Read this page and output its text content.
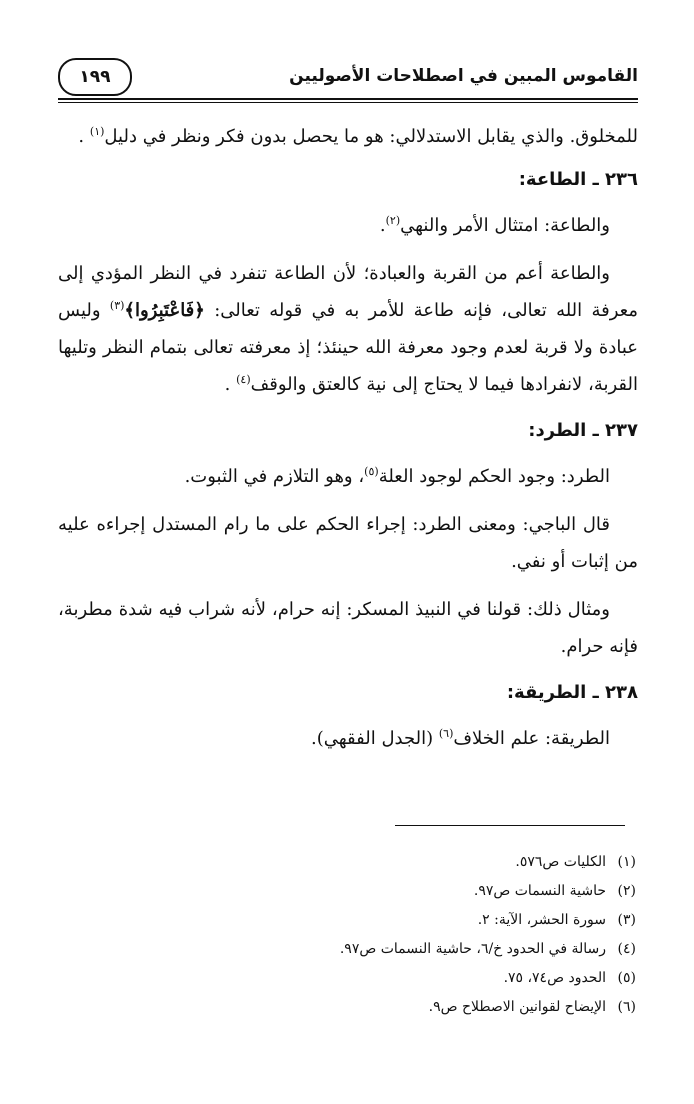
١٩٩	القاموس المبين في اصطلاحات الأصوليين

للمخلوق. والذي يقابل الاستدلالي: هو ما يحصل بدون فكر ونظر في دليل$^{(١)}$ .

٢٣٦ ـ الطاعة:

والطاعة: امتثال الأمر والنهي$^{(٢)}$.

والطاعة أعم من القربة والعبادة؛ لأن الطاعة تنفرد في النظر المؤدي إلى معرفة الله تعالى، فإنه طاعة للأمر به في قوله تعالى: ﴿فَاعْتَبِرُوا﴾$^{(٣)}$ وليس عبادة ولا قربة لعدم وجود معرفة الله حينئذ؛ إذ معرفته تعالى بتمام النظر وتليها القربة، لانفرادها فيما لا يحتاج إلى نية كالعتق والوقف$^{(٤)}$ .

٢٣٧ ـ الطرد:

الطرد: وجود الحكم لوجود العلة$^{(٥)}$، وهو التلازم في الثبوت.

قال الباجي: ومعنى الطرد: إجراء الحكم على ما رام المستدل إجراءه عليه من إثبات أو نفي.

ومثال ذلك: قولنا في النبيذ المسكر: إنه حرام، لأنه شراب فيه شدة مطربة، فإنه حرام.

٢٣٨ ـ الطريقة:

الطريقة: علم الخلاف$^{(٦)}$ (الجدل الفقهي).

(١)الكليات ص٥٧٦.
(٢)حاشية النسمات ص٩٧.
(٣)سورة الحشر، الآية: ٢.
(٤)رسالة في الحدود خ/٦، حاشية النسمات ص٩٧.
(٥)الحدود ص٧٤، ٧٥.
(٦)الإيضاح لقوانين الاصطلاح ص٩.
